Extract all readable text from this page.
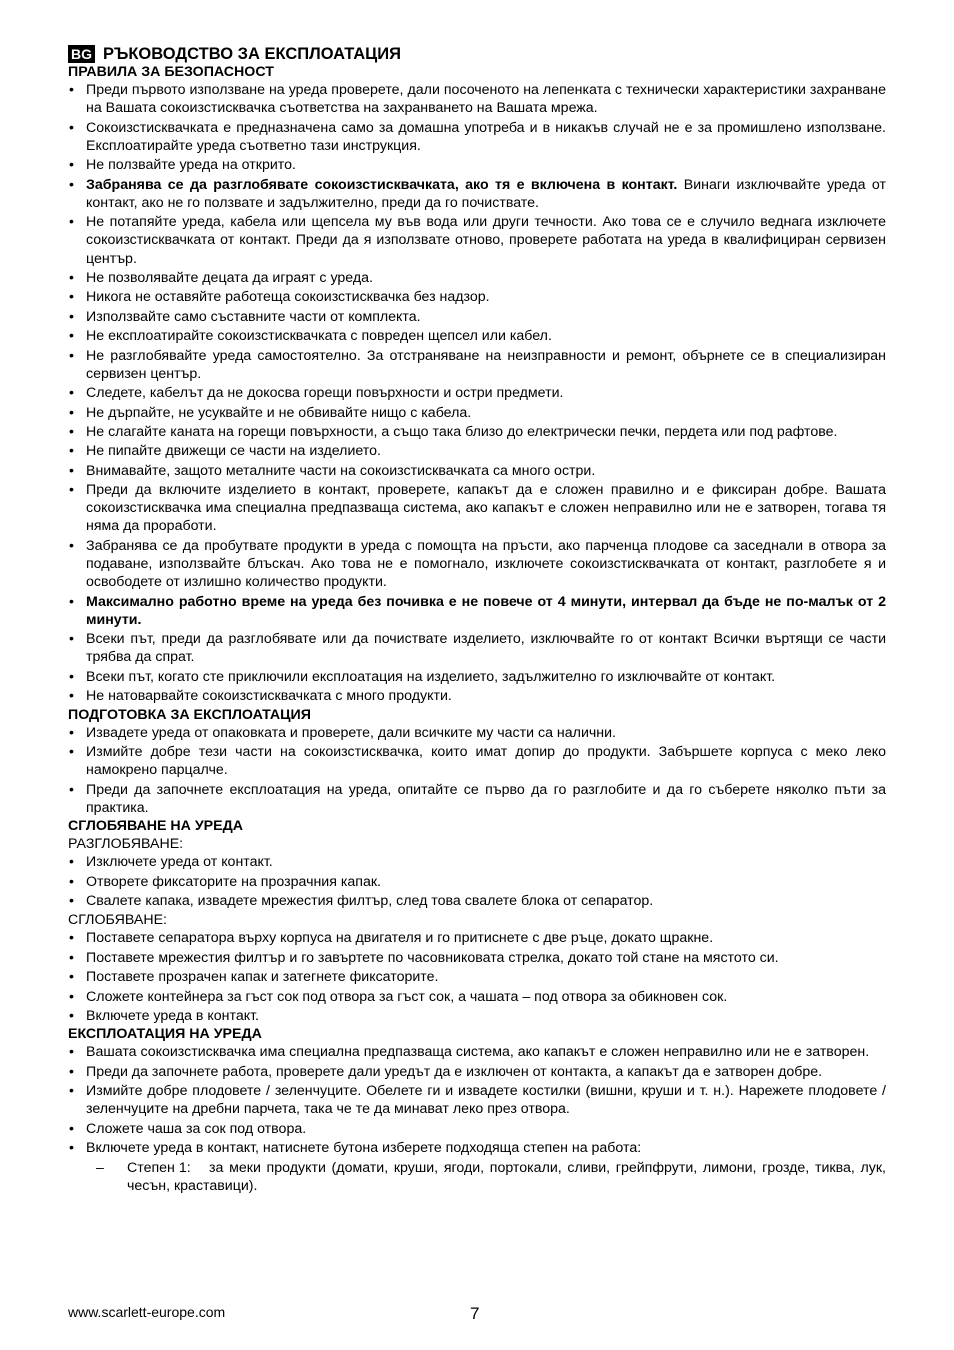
BG РЪКОВОДСТВО ЗА ЕКСПЛОАТАЦИЯ
ПРАВИЛА ЗА БЕЗОПАСНОСТ
• Преди първото използване на уреда проверете, дали посоченото на лепенката с технически характеристики захранване на Вашата сокоизстисквачка съответства на захранването на Вашата мрежа.
• Сокоизстисквачката е предназначена само за домашна употреба и в никакъв случай не е за промишлено използване. Експлоатирайте уреда съответно тази инструкция.
• Не ползвайте уреда на открито.
• Забранява се да разглобявате сокоизстисквачката, ако тя е включена в контакт. Винаги изключвайте уреда от контакт, ако не го ползвате и задължително, преди да го почиствате.
• Не потапяйте уреда, кабела или щепсела му във вода или други течности. Ако това се е случило веднага изключете сокоизстисквачката от контакт. Преди да я използвате отново, проверете работата на уреда в квалифициран сервизен център.
• Не позволявайте децата да играят с уреда.
• Никога не оставяйте работеща сокоизстисквачка без надзор.
• Използвайте само съставните части от комплекта.
• Не експлоатирайте сокоизстисквачката с повреден щепсел или кабел.
• Не разглобявайте уреда самостоятелно. За отстраняване на неизправности и ремонт, обърнете се в специализиран сервизен център.
• Следете, кабелът да не докосва горещи повърхности и остри предмети.
• Не дърпайте, не усуквайте и не обвивайте нищо с кабела.
• Не слагайте каната на горещи повърхности, а също така близо до електрически печки, пердета или под рафтове.
• Не пипайте движещи се части на изделието.
• Внимавайте, защото металните части на сокоизстисквачката са много остри.
• Преди да включите изделието в контакт, проверете, капакът да е сложен правилно и е фиксиран добре. Вашата сокоизстисквачка има специална предпазваща система, ако капакът е сложен неправилно или не е затворен, тогава тя няма да проработи.
• Забранява се да пробутвате продукти в уреда с помощта на пръсти, ако парченца плодове са заседнали в отвора за подаване, използвайте блъскач. Ако това не е помогнало, изключете сокоизстисквачката от контакт, разглобете я и освободете от излишно количество продукти.
• Максимално работно време на уреда без почивка е не повече от 4 минути, интервал да бъде не по-малък от 2 минути.
• Всеки път, преди да разглобявате или да почиствате изделието, изключвайте го от контакт Всички въртящи се части трябва да спрат.
• Всеки път, когато сте приключили експлоатация на изделието, задължително го изключвайте от контакт.
• Не натоварвайте сокоизстисквачката с много продукти.
ПОДГОТОВКА ЗА ЕКСПЛОАТАЦИЯ
• Извадете уреда от опаковката и проверете, дали всичките му части са налични.
• Измийте добре тези части на сокоизстисквачка, които имат допир до продукти. Забършете корпуса с меко леко намокрено парцалче.
• Преди да започнете експлоатация на уреда, опитайте се първо да го разглобите и да го съберете няколко пъти за практика.
СГЛОБЯВАНЕ НА УРЕДА
РАЗГЛОБЯВАНЕ:
• Изключете уреда от контакт.
• Отворете фиксаторите на прозрачния капак.
• Свалете капака, извадете мрежестия филтър, след това свалете блока от сепаратор.
СГЛОБЯВАНЕ:
• Поставете сепаратора върху корпуса на двигателя и го притиснете с две ръце, докато щракне.
• Поставете мрежестия филтър и го завъртете по часовниковата стрелка, докато той стане на мястото си.
• Поставете прозрачен капак и затегнете фиксаторите.
• Сложете контейнера за гъст сок под отвора за гъст сок, а чашата – под отвора за обикновен сок.
• Включете уреда в контакт.
ЕКСПЛОАТАЦИЯ НА УРЕДА
• Вашата сокоизстисквачка има специална предпазваща система, ако капакът е сложен неправилно или не е затворен.
• Преди да започнете работа, проверете дали уредът да е изключен от контакта, а капакът да е затворен добре.
• Измийте добре плодовете / зеленчуците. Обелете ги и извадете костилки (вишни, круши и т. н.). Нарежете плодовете / зеленчуците на дребни парчета, така че те да минават леко през отвора.
• Сложете чаша за сок под отвора.
• Включете уреда в контакт, натиснете бутона изберете подходяща степен на работа:
– Степен 1: за меки продукти (домати, круши, ягоди, портокали, сливи, грейпфрути, лимони, грозде, тиква, лук, чесън, краставици).
www.scarlett-europe.com	7
